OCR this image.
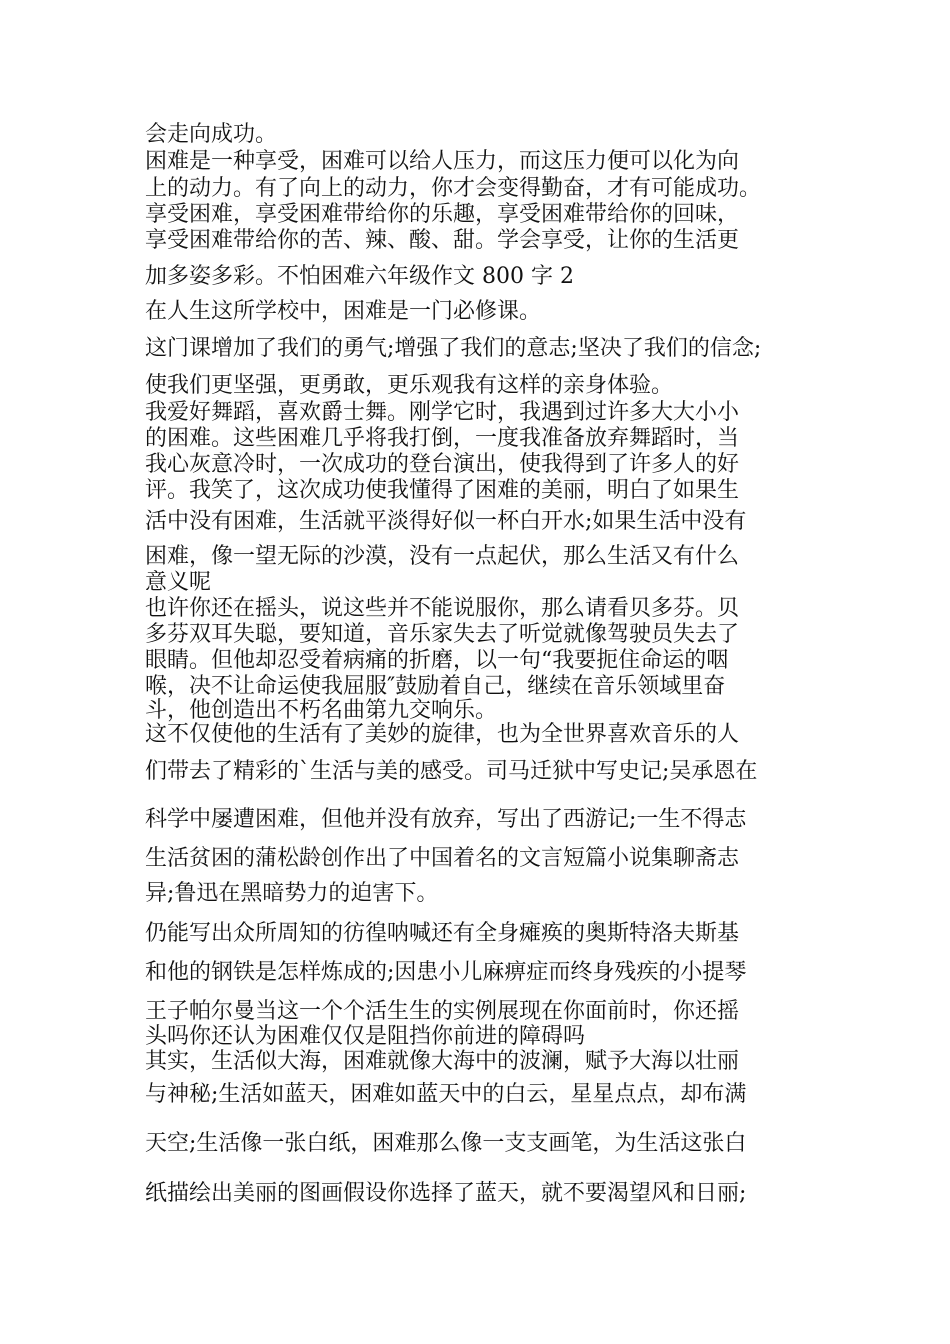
会走向成功。

困难是一种享受，困难可以给人压力，而这压力便可以化为向

上的动力。有了向上的动力，你才会变得勤奋，才有可能成功。

享受困难，享受困难带给你的乐趣，享受困难带给你的回味，

享受困难带给你的苦、辣、酸、甜。学会享受，让你的生活更

加多姿多彩。不怕困难六年级作文 800 字 2

在人生这所学校中，困难是一门必修课。

这门课增加了我们的勇气;增强了我们的意志;坚决了我们的信念;

使我们更坚强，更勇敢，更乐观我有这样的亲身体验。

我爱好舞蹈，喜欢爵士舞。刚学它时，我遇到过许多大大小小

的困难。这些困难几乎将我打倒，一度我准备放弃舞蹈时，当

我心灰意冷时，一次成功的登台演出，使我得到了许多人的好

评。我笑了，这次成功使我懂得了困难的美丽，明白了如果生

活中没有困难，生活就平淡得好似一杯白开水;如果生活中没有

困难，像一望无际的沙漠，没有一点起伏，那么生活又有什么

意义呢

也许你还在摇头，说这些并不能说服你，那么请看贝多芬。贝

多芬双耳失聪，要知道，音乐家失去了听觉就像驾驶员失去了

眼睛。但他却忍受着病痛的折磨，以一句“我要扼住命运的咽

喉，决不让命运使我屈服″鼓励着自己，继续在音乐领域里奋

斗，他创造出不朽名曲第九交响乐。

这不仅使他的生活有了美妙的旋律，也为全世界喜欢音乐的人

们带去了精彩的`生活与美的感受。司马迁狱中写史记;吴承恩在

科学中屡遭困难，但他并没有放弃，写出了西游记;一生不得志

生活贫困的蒲松龄创作出了中国着名的文言短篇小说集聊斋志

异;鲁迅在黑暗势力的迫害下。

仍能写出众所周知的彷徨呐喊还有全身瘫痪的奥斯特洛夫斯基

和他的钢铁是怎样炼成的;因患小儿麻痹症而终身残疾的小提琴

王子帕尔曼当这一个个活生生的实例展现在你面前时，你还摇

头吗你还认为困难仅仅是阻挡你前进的障碍吗

其实，生活似大海，困难就像大海中的波澜，赋予大海以壮丽

与神秘;生活如蓝天，困难如蓝天中的白云，星星点点，却布满

天空;生活像一张白纸，困难那么像一支支画笔，为生活这张白

纸描绘出美丽的图画假设你选择了蓝天，就不要渴望风和日丽;
